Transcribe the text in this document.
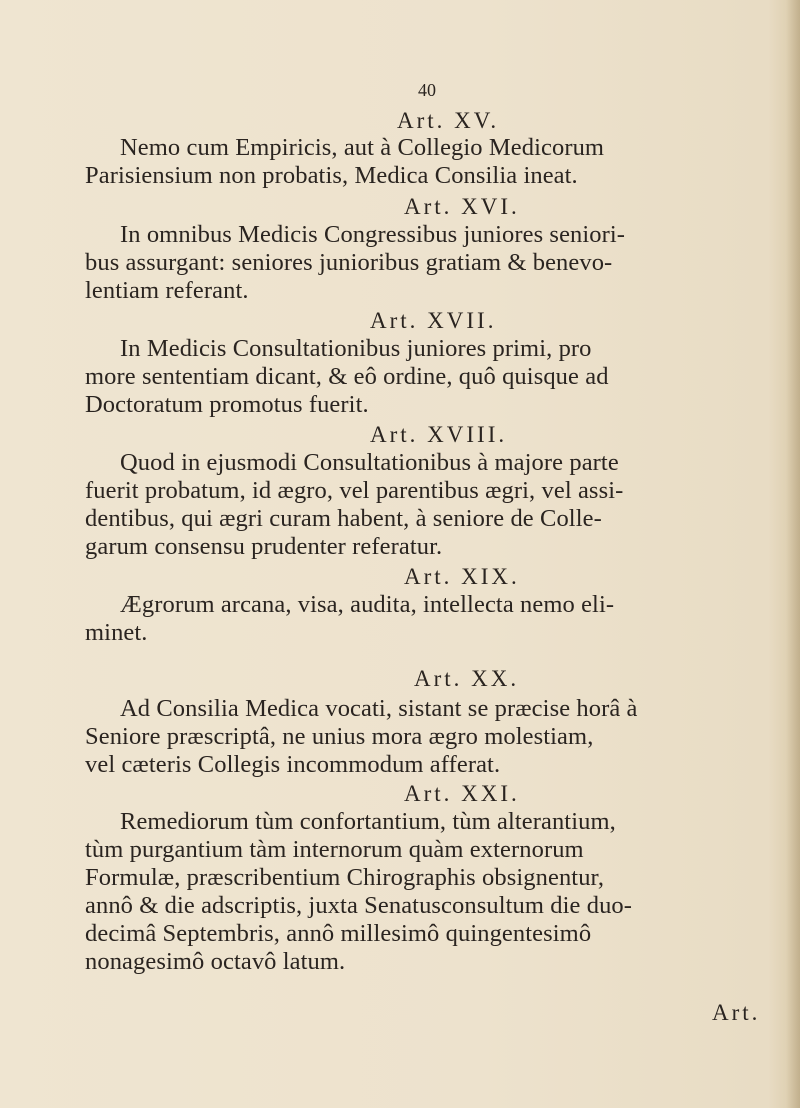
40
Art. XV.
Nemo cum Empiricis, aut à Collegio Medicorum
Parisiensium non probatis, Medica Consilia ineat.
Art. XVI.
In omnibus Medicis Congressibus juniores seniori-
bus assurgant: seniores junioribus gratiam & benevo-
lentiam referant.
Art. XVII.
In Medicis Consultationibus juniores primi, pro
more sententiam dicant, & eô ordine, quô quisque ad
Doctoratum promotus fuerit.
Art. XVIII.
Quod in ejusmodi Consultationibus à majore parte
fuerit probatum, id ægro, vel parentibus ægri, vel assi-
dentibus, qui ægri curam habent, à seniore de Colle-
garum consensu prudenter referatur.
Art. XIX.
Ægrorum arcana, visa, audita, intellecta nemo eli-
minet.
Art. XX.
Ad Consilia Medica vocati, sistant se præcise horâ à
Seniore præscriptâ, ne unius mora ægro molestiam,
vel cæteris Collegis incommodum afferat.
Art. XXI.
Remediorum tùm confortantium, tùm alterantium,
tùm purgantium tàm internorum quàm externorum
Formulæ, præscribentium Chirographis obsignentur,
annô & die adscriptis, juxta Senatusconsultum die duo-
decimâ Septembris, annô millesimô quingentesimô
nonagesimô octavô latum.
Art.
